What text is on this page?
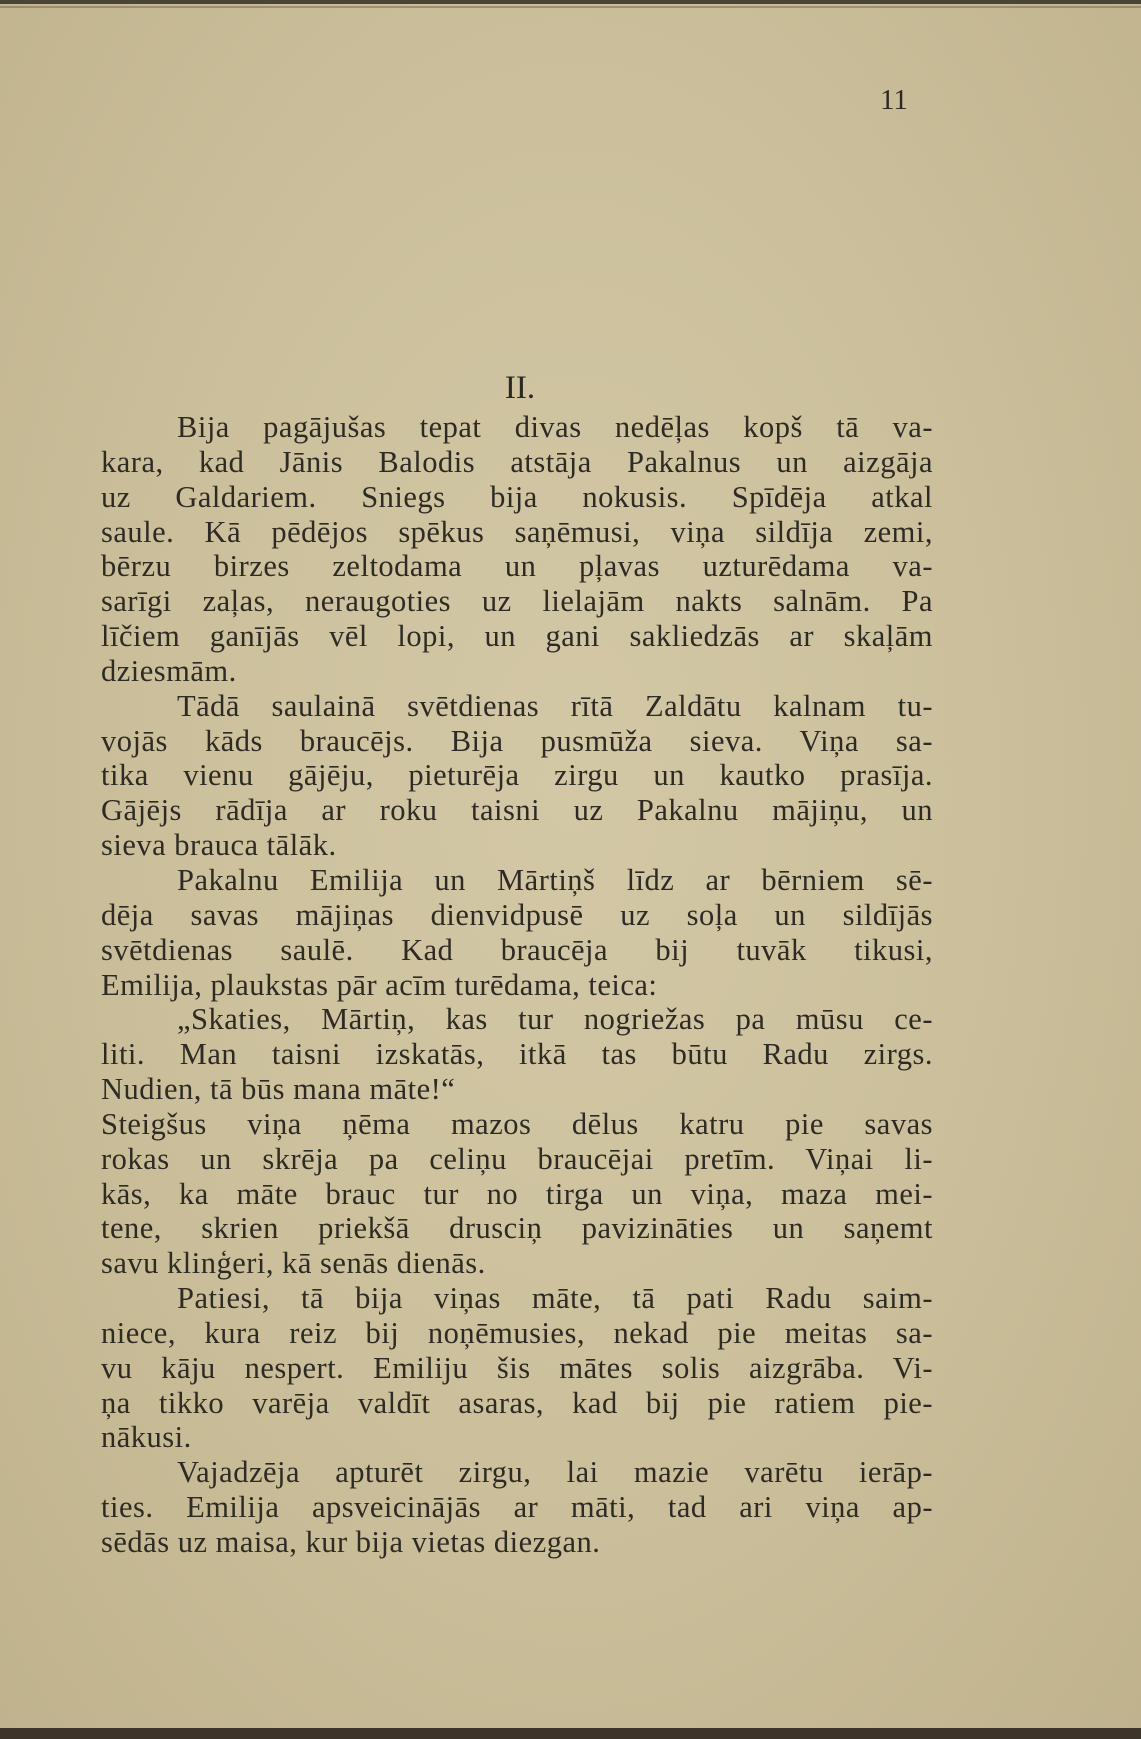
11
II.
Bija pagājušas tepat divas nedēļas kopš tā va-
kara, kad Jānis Balodis atstāja Pakalnus un aizgāja
uz Galdariem. Sniegs bija nokusis. Spīdēja atkal
saule. Kā pēdējos spēkus saņēmusi, viņa sildīja zemi,
bērzu birzes zeltodama un pļavas uzturēdama va-
sarīgi zaļas, neraugoties uz lielajām nakts salnām. Pa
līčiem ganījās vēl lopi, un gani sakliedzās ar skaļām
dziesmām.
Tādā saulainā svētdienas rītā Zaldātu kalnam tu-
vojās kāds braucējs. Bija pusmūža sieva. Viņa sa-
tika vienu gājēju, pieturēja zirgu un kautko prasīja.
Gājējs rādīja ar roku taisni uz Pakalnu mājiņu, un
sieva brauca tālāk.
Pakalnu Emilija un Mārtiņš līdz ar bērniem sē-
dēja savas mājiņas dienvidpusē uz soļa un sildījās
svētdienas saulē. Kad braucēja bij tuvāk tikusi,
Emilija, plaukstas pār acīm turēdama, teica:
„Skaties, Mārtiņ, kas tur nogriežas pa mūsu ce-
liti. Man taisni izskatās, itkā tas būtu Radu zirgs.
Nudien, tā būs mana māte!“
Steigšus viņa ņēma mazos dēlus katru pie savas
rokas un skrēja pa celiņu braucējai pretīm. Viņai li-
kās, ka māte brauc tur no tirga un viņa, maza mei-
tene, skrien priekšā drusciņ pavizināties un saņemt
savu klinģeri, kā senās dienās.
Patiesi, tā bija viņas māte, tā pati Radu saim-
niece, kura reiz bij noņēmusies, nekad pie meitas sa-
vu kāju nespert. Emiliju šis mātes solis aizgrāba. Vi-
ņa tikko varēja valdīt asaras, kad bij pie ratiem pie-
nākusi.
Vajadzēja apturēt zirgu, lai mazie varētu ierāp-
ties. Emilija apsveicinājās ar māti, tad ari viņa ap-
sēdās uz maisa, kur bija vietas diezgan.
